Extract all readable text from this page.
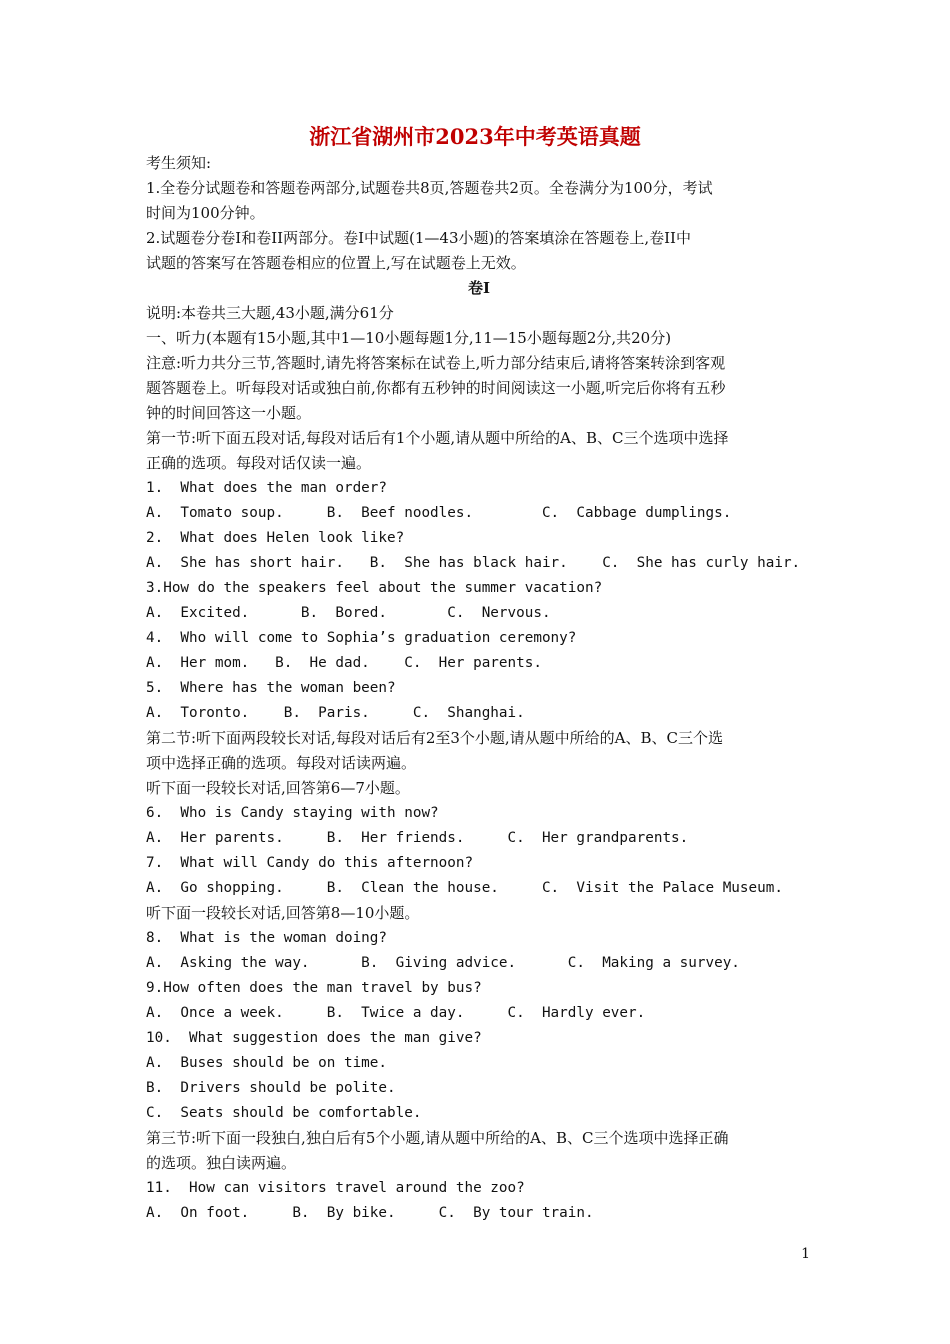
浙江省湖州市2023年中考英语真题

考生须知:

1.全卷分试题卷和答题卷两部分,试题卷共8页,答题卷共2页。全卷满分为100分，考试

时间为100分钟。

2.试题卷分卷I和卷II两部分。卷I中试题(1—43小题)的答案填涂在答题卷上,卷II中

试题的答案写在答题卷相应的位置上,写在试题卷上无效。

卷I

说明:本卷共三大题,43小题,满分61分

一、听力(本题有15小题,其中1—10小题每题1分,11—15小题每题2分,共20分)

注意:听力共分三节,答题时,请先将答案标在试卷上,听力部分结束后,请将答案转涂到客观

题答题卷上。听每段对话或独白前,你都有五秒钟的时间阅读这一小题,听完后你将有五秒

钟的时间回答这一小题。

第一节:听下面五段对话,每段对话后有1个小题,请从题中所给的A、B、C三个选项中选择

正确的选项。每段对话仅读一遍。

1.  What does the man order?

A.  Tomato soup.     B.  Beef noodles.        C.  Cabbage dumplings.

2.  What does Helen look like?

A.  She has short hair.   B.  She has black hair.    C.  She has curly hair.

3.How do the speakers feel about the summer vacation?

A.  Excited.      B.  Bored.       C.  Nervous.

4.  Who will come to Sophia’s graduation ceremony?

A.  Her mom.   B.  He dad.    C.  Her parents.

5.  Where has the woman been?

A.  Toronto.    B.  Paris.     C.  Shanghai.

第二节:听下面两段较长对话,每段对话后有2至3个小题,请从题中所给的A、B、C三个选

项中选择正确的选项。每段对话读两遍。

听下面一段较长对话,回答第6—7小题。

6.  Who is Candy staying with now?

A.  Her parents.     B.  Her friends.     C.  Her grandparents.

7.  What will Candy do this afternoon?

A.  Go shopping.     B.  Clean the house.     C.  Visit the Palace Museum.

听下面一段较长对话,回答第8—10小题。

8.  What is the woman doing?

A.  Asking the way.      B.  Giving advice.      C.  Making a survey.

9.How often does the man travel by bus?

A.  Once a week.     B.  Twice a day.     C.  Hardly ever.

10.  What suggestion does the man give?

A.  Buses should be on time.

B.  Drivers should be polite.

C.  Seats should be comfortable.

第三节:听下面一段独白,独白后有5个小题,请从题中所给的A、B、C三个选项中选择正确

的选项。独白读两遍。

11.  How can visitors travel around the zoo?

A.  On foot.     B.  By bike.     C.  By tour train.

1
